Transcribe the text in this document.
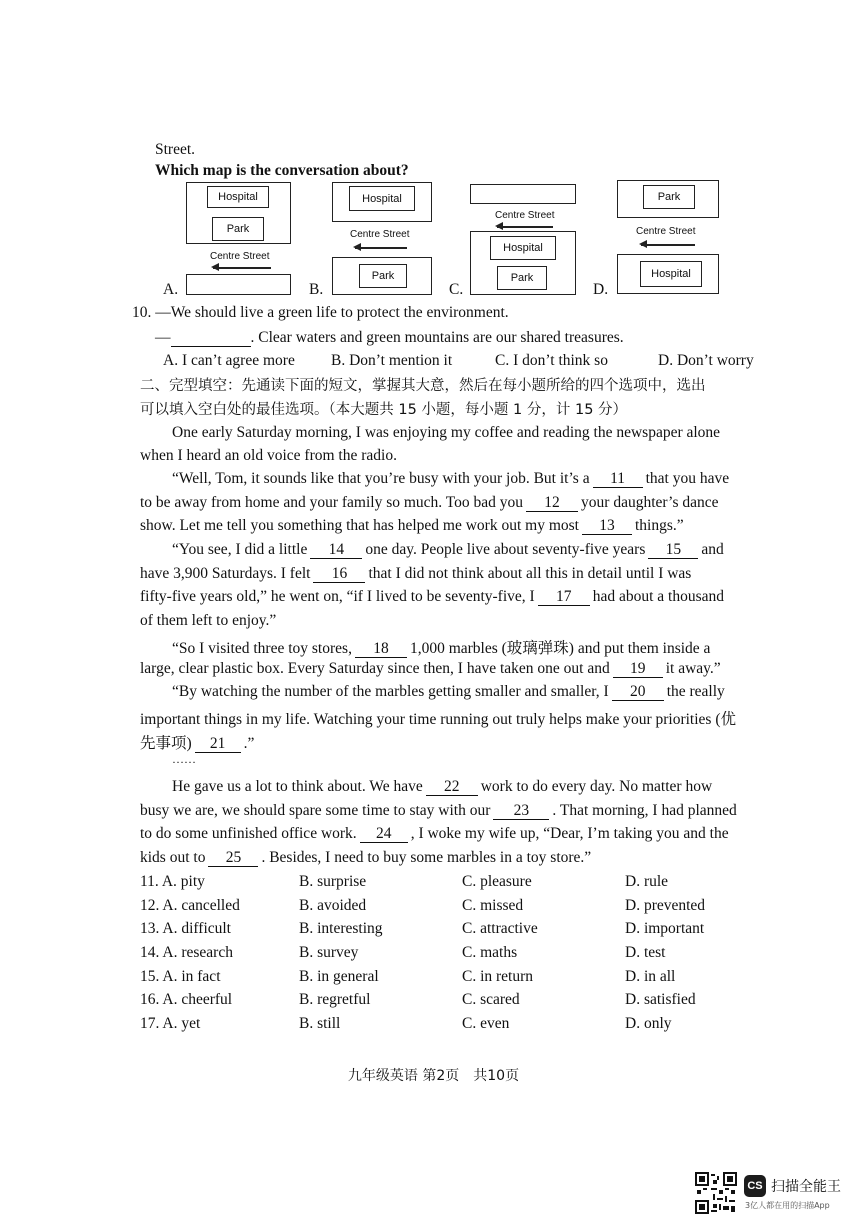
Street.
Which map is the conversation about?
Hospital
Park
Centre Street
A.
Hospital
Centre Street
Park
B.
Centre Street
Hospital
Park
C.
Park
Centre Street
Hospital
D.
10. —We should live a green life to protect the environment.
—	. Clear waters and green mountains are our shared treasures.
A. I can’t agree more B. Don’t mention it	C. I don’t think so	D. Don’t worry
二、完型填空：先通读下面的短文，掌握其大意，然后在每小题所给的四个选项中，选出
可以填入空白处的最佳选项。（本大题共 15 小题，每小题 1 分，计 15 分）
One early Saturday morning, I was enjoying my coffee and reading the newspaper alone
when I heard an old voice from the radio.
“Well, Tom, it sounds like that you’re busy with your job. But it’s a 11 that you have
to be away from home and your family so much. Too bad you 12 your daughter’s dance
show. Let me tell you something that has helped me work out my most 13 things.”
“You see, I did a little 14 one day. People live about seventy-five years 15 and
have 3,900 Saturdays. I felt 16 that I did not think about all this in detail until I was
fifty-five years old,” he went on, “if I lived to be seventy-five, I 17 had about a thousand
of them left to enjoy.”
“So I visited three toy stores, 18 1,000 marbles (玻璃弹珠) and put them inside a
large, clear plastic box. Every Saturday since then, I have taken one out and 19 it away.”
“By watching the number of the marbles getting smaller and smaller, I 20 the really
important things in my life. Watching your time running out truly helps make your priorities (优
先事项) 21 .”
……
He gave us a lot to think about. We have 22 work to do every day. No matter how
busy we are, we should spare some time to stay with our 23 . That morning, I had planned
to do some unfinished office work. 24 , I woke my wife up, “Dear, I’m taking you and the
kids out to 25 . Besides, I need to buy some marbles in a toy store.”
11. A. pity	B. surprise	C. pleasure	D. rule
12. A. cancelled	B. avoided	C. missed	D. prevented
13. A. difficult	B. interesting	C. attractive	D. important
14. A. research	B. survey	C. maths	D. test
15. A. in fact	B. in general	C. in return	D. in all
16. A. cheerful	B. regretful	C. scared	D. satisfied
17. A. yet	B. still	C. even	D. only
九年级英语 第2页　共10页
CS 扫描全能王
3亿人都在用的扫描App
